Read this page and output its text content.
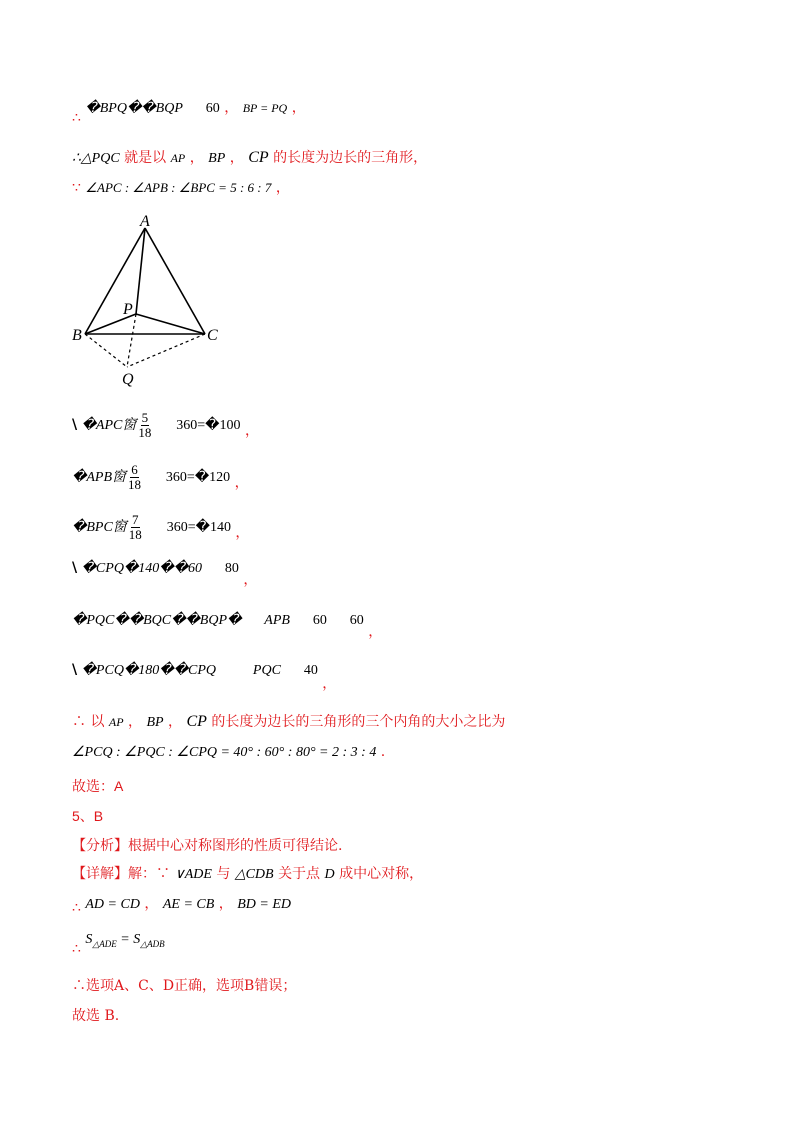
∴ �BPQ��BQP 60 ， BP = PQ ，
∴△PQC 就是以 AP ， BP ， CP 的长度为边长的三角形，
∵ ∠APC : ∠APB : ∠BPC = 5 : 6 : 7 ，
A
B	C
P
Q
\ �APC窗 $\frac{5}{18}$ 360=�100 ，
�APB窗 $\frac{6}{18}$ 360=�120 ，
�BPC窗 $\frac{7}{18}$ 360=�140 ，
\ �CPQ�140��60 80 ，
�PQC��BQC��BQP� APB 60 60 ，
\ �PCQ�180��CPQ	PQC 40 ，
∴ 以 AP ， BP ， CP 的长度为边长的三角形的三个内角的大小之比为
∠PCQ : ∠PQC : ∠CPQ = 40° : 60° : 80° = 2 : 3 : 4 .
故选：A
5、B
【分析】根据中心对称图形的性质可得结论.
【详解】解：∵ ∨ADE 与 △CDB 关于点 D 成中心对称，
∴ AD = CD ， AE = CB ， BD = ED
∴ $S_{\triangle ADE} = S_{\triangle ADB}$
∴选项A、C、D正确，选项B错误；
故选 B.
